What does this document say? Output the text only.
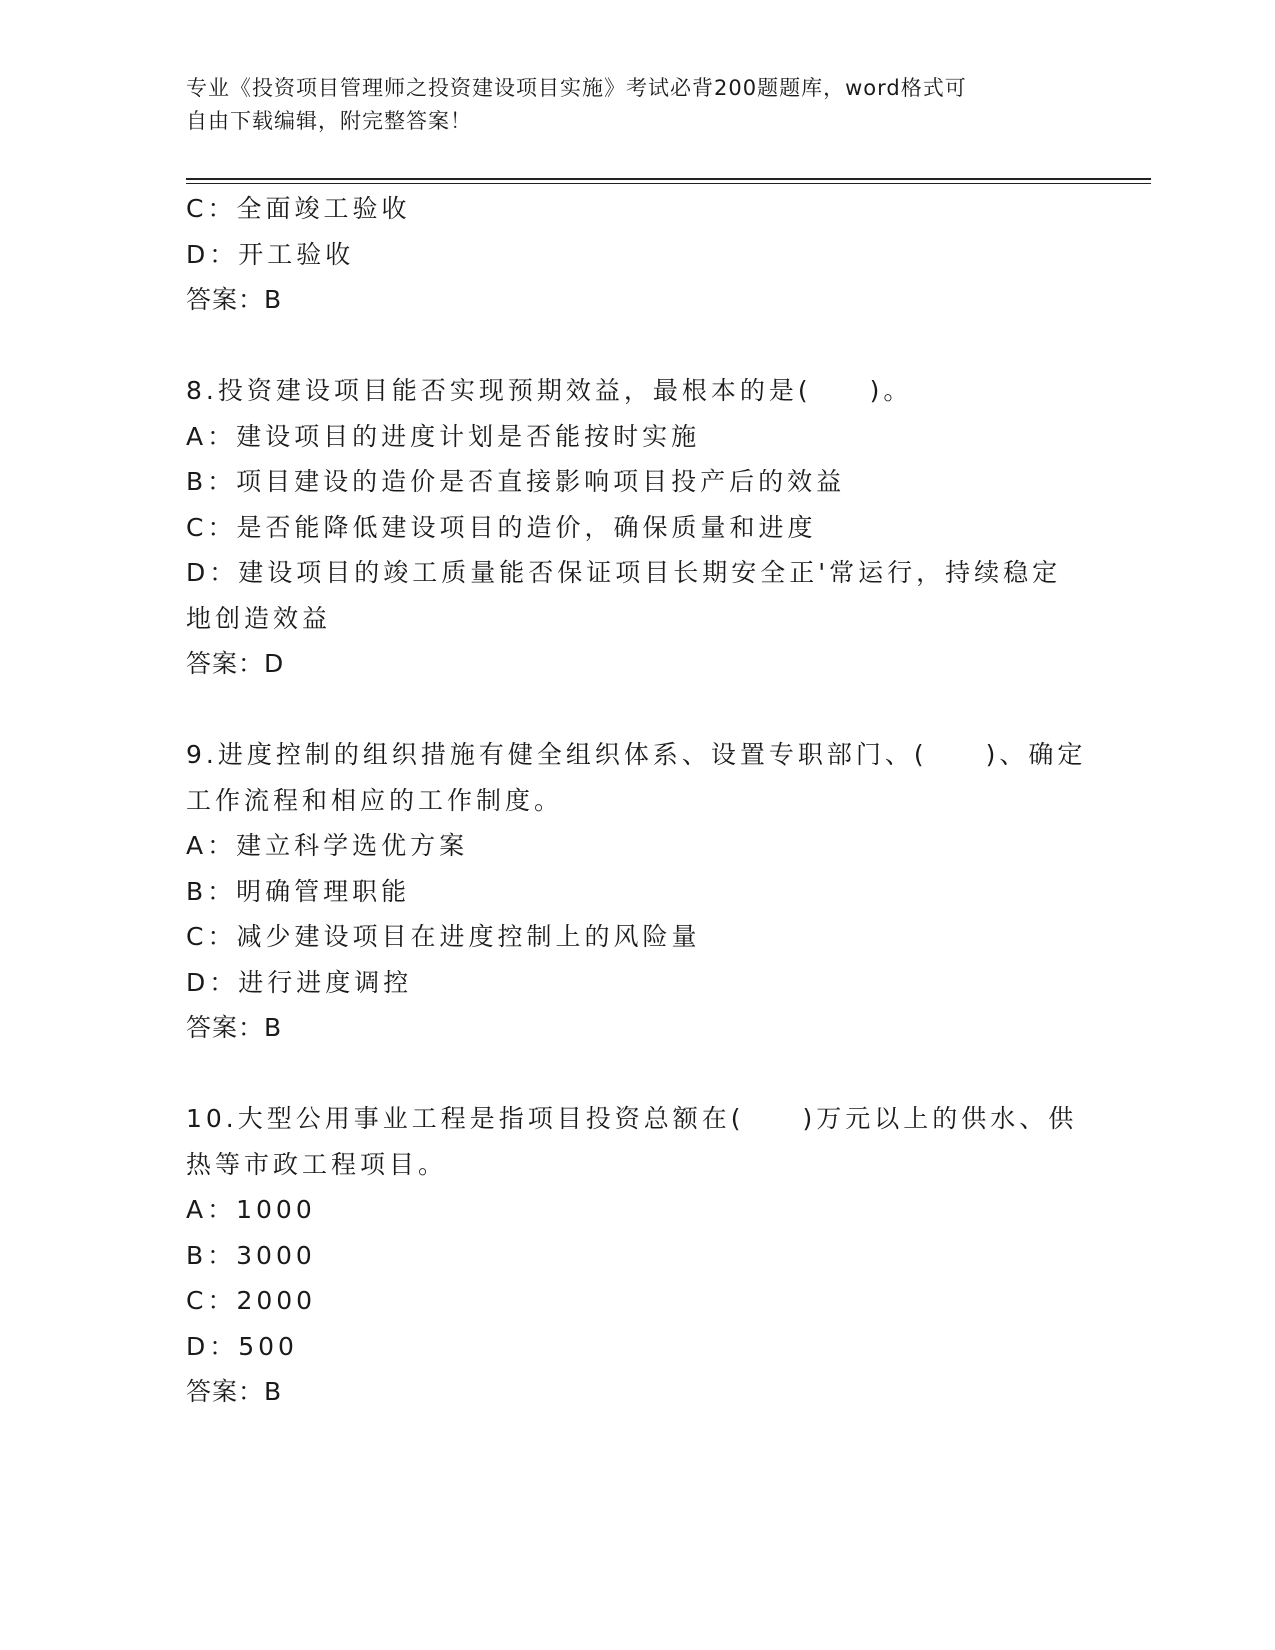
专业《投资项目管理师之投资建设项目实施》考试必背200题题库，word格式可
自由下载编辑，附完整答案！
C：全面竣工验收
D：开工验收
答案：B
8.投资建设项目能否实现预期效益，最根本的是(　　)。
A：建设项目的进度计划是否能按时实施
B：项目建设的造价是否直接影响项目投产后的效益
C：是否能降低建设项目的造价，确保质量和进度
D：建设项目的竣工质量能否保证项目长期安全正'常运行，持续稳定
地创造效益
答案：D
9.进度控制的组织措施有健全组织体系、设置专职部门、(　　)、确定
工作流程和相应的工作制度。
A：建立科学选优方案
B：明确管理职能
C：减少建设项目在进度控制上的风险量
D：进行进度调控
答案：B
10.大型公用事业工程是指项目投资总额在(　　)万元以上的供水、供
热等市政工程项目。
A：1000
B：3000
C：2000
D：500
答案：B
